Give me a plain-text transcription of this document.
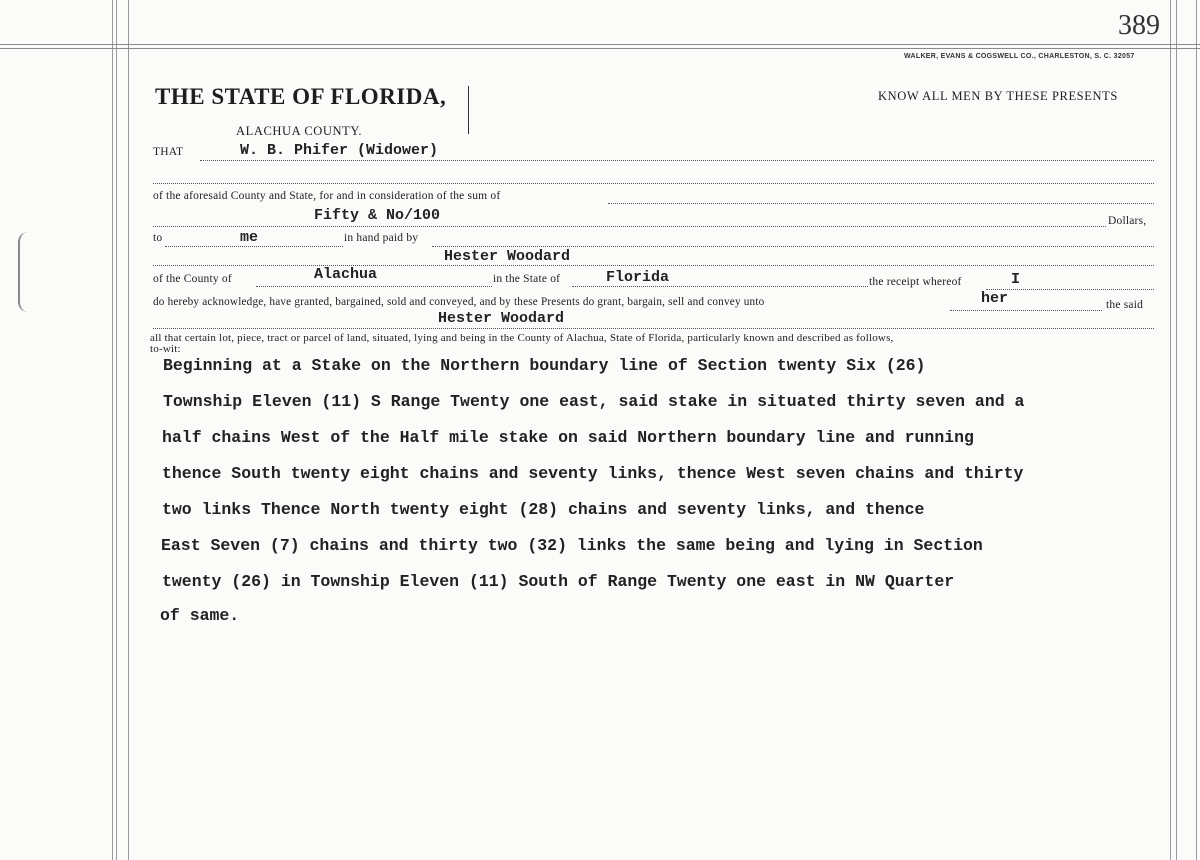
389
WALKER, EVANS & COGSWELL CO., CHARLESTON, S. C. 32057
THE STATE OF FLORIDA,	KNOW ALL MEN BY THESE PRESENTS
ALACHUA COUNTY.
THAT	W. B. Phifer (Widower)
of the aforesaid County and State, for and in consideration of the sum of
Fifty & No/100	Dollars,
to	me	in hand paid by
Hester Woodard
of the County of	Alachua	in the State of	Florida	the receipt whereof	I
do hereby acknowledge, have granted, bargained, sold and conveyed, and by these Presents do grant, bargain, sell and convey unto	her	the said
Hester Woodard
all that certain lot, piece, tract or parcel of land, situated, lying and being in the County of Alachua, State of Florida, particularly known and described as follows,
to-wit:
Beginning at a Stake on the Northern boundary line of Section twenty Six (26)
Township Eleven (11) S Range Twenty one east, said stake in situated thirty seven and a
half chains West of the Half mile stake on said Northern boundary line and running
thence South twenty eight chains and seventy links, thence West seven chains and thirty
two links Thence North twenty eight (28) chains and seventy links, and thence
East Seven (7) chains and thirty two (32) links the same being and lying in Section
twenty (26) in Township Eleven (11) South of Range Twenty one east in NW Quarter
of same.
